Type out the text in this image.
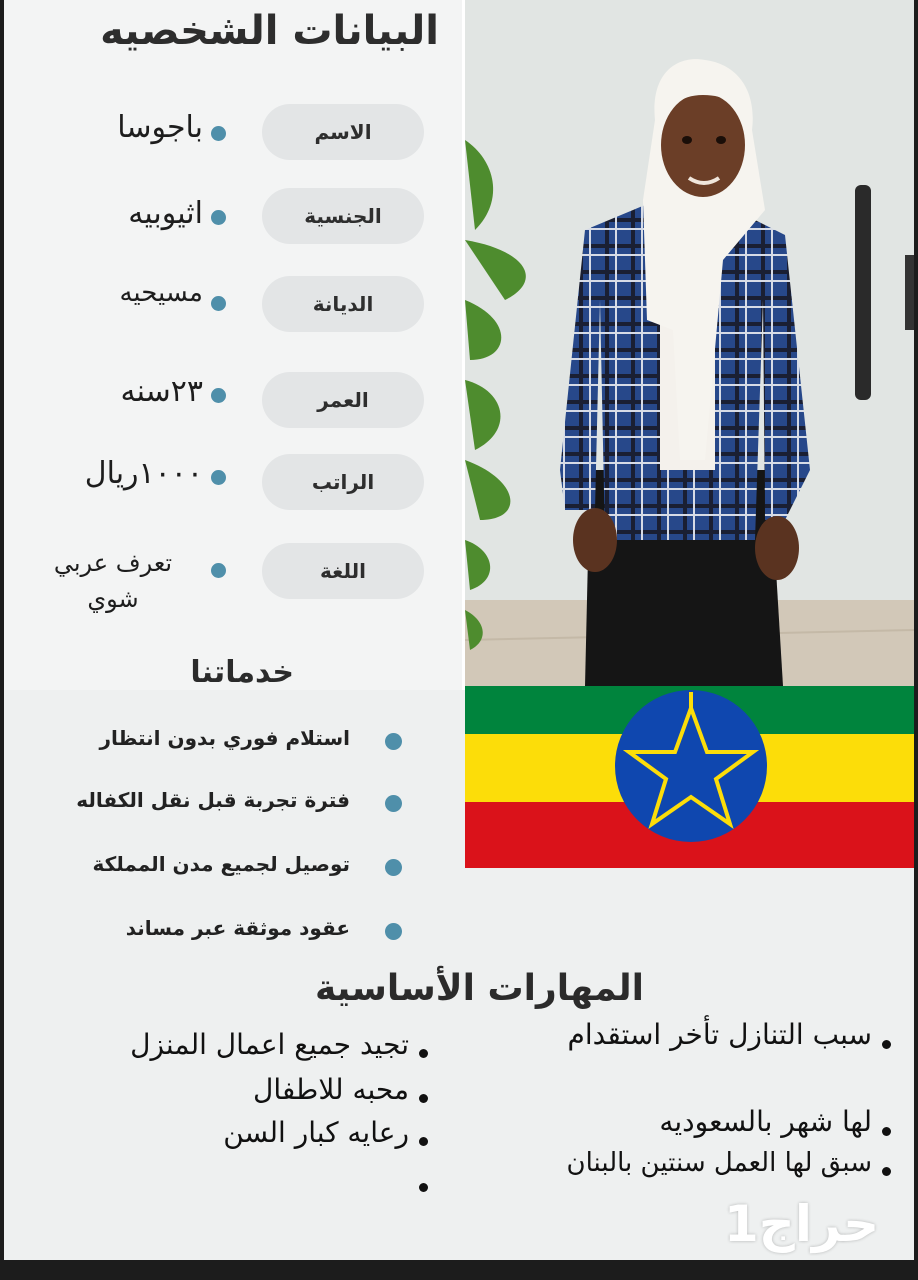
البيانات الشخصيه
الاسم
باجوسا
الجنسية
اثيوبيه
الديانة
مسيحيه
العمر
٢٣سنه
الراتب
١٠٠٠ريال
اللغة
تعرف عربي شوي
خدماتنا
استلام فوري بدون انتظار
فترة تجربة قبل نقل الكفاله
توصيل لجميع مدن المملكة
عقود موثقة عبر مساند
المهارات الأساسية
تجيد جميع اعمال المنزل
محبه للاطفال
رعايه كبار السن
سبب التنازل تأخر استقدام
لها شهر بالسعوديه
سبق لها العمل سنتين بالبنان
حراج1
